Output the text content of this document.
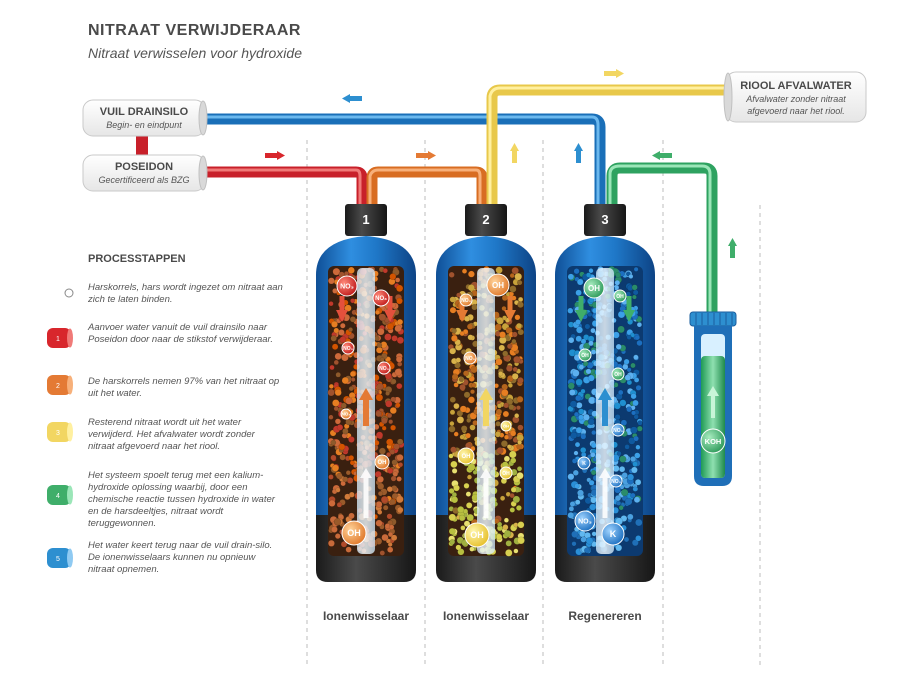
VUIL DRAINSILO
Begin- en eindpunt
POSEIDON
Gecertificeerd als BZG
RIOOL AFVALWATER
Afvalwater zonder nitraat
afgevoerd naar het riool.
KOH
NO₃
NO₃
NO₃
NO₃
NO₃
OH
OH
OH
NO₃
NO₃
OH
OH
OH
OH
OH
OH
OH
OH
NO₃
K
NO₃
NO₃
K
1	2	3
NITRAAT VERWIJDERAAR
Nitraat verwisselen voor hydroxide
PROCESSTAPPEN
1
2
3
4
5
Harskorrels, hars wordt ingezet om nitraat aan zich te laten binden.
Aanvoer water vanuit de vuil drainsilo naar Poseidon door naar de stikstof verwijderaar.
De harskorrels nemen 97% van het nitraat op uit het water.
Resterend nitraat wordt uit het water verwijderd. Het afvalwater wordt zonder nitraat afgevoerd naar het riool.
Het systeem spoelt terug met een kalium-hydroxide oplossing waarbij, door een chemische reactie tussen hydroxide in water en de harsdeeltjes, nitraat wordt teruggewonnen.
Het water keert terug naar de vuil drain-silo. De ionenwisselaars kunnen nu opnieuw nitraat opnemen.
Ionenwisselaar	Ionenwisselaar	Regenereren
